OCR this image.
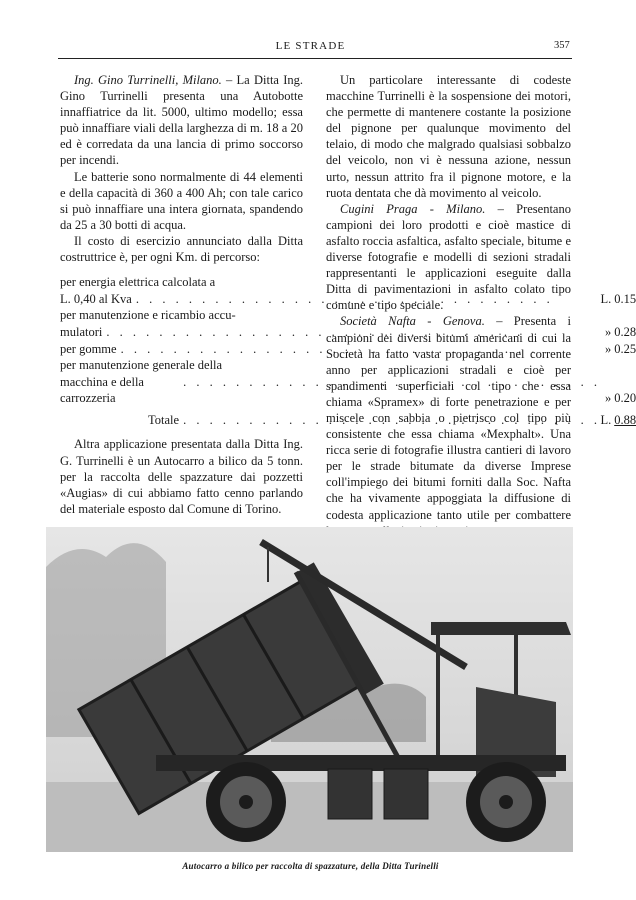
LE STRADE	357

Ing. Gino Turrinelli, Milano. – La Ditta Ing. Gino Turrinelli presenta una Autobotte innaffiatrice da lit. 5000, ultimo modello; essa può innaffiare viali della larghezza di m. 18 a 20 ed è corredata da una lancia di primo soccorso per incendi.

Le batterie sono normalmente di 44 elementi e della capacità di 360 a 400 Ah; con tale carico si può innaffiare una intera giornata, spandendo da 25 a 30 botti di acqua.

Il costo di esercizio annunciato dalla Ditta costruttrice è, per ogni Km. di percorso:

per energia elettrica calcolata a		

L. 0,40 al Kva
. . .	L.	0.15
per manutenzione e ricambio accu-		

mulatori
. . .	»	0.28

per gomme
. . .	»	0.25
per manutenzione generale della		

macchina e della carrozzeria
. . .	»	0.20

Totale
. . .	L.	0.88

Altra applicazione presentata dalla Ditta Ing. G. Turrinelli è un Autocarro a bilico da 5 tonn. per la raccolta delle spazzature dai pozzetti «Augias» di cui abbiamo fatto cenno parlando del materiale esposto dal Comune di Torino.

Un particolare interessante di codeste macchine Turrinelli è la sospensione dei motori, che permette di mantenere costante la posizione del pignone per qualunque movimento del telaio, di modo che malgrado qualsiasi sobbalzo del veicolo, non vi è nessuna azione, nessun urto, nessun attrito fra il pignone motore, e la ruota dentata che dà movimento al veicolo.

Cugini Praga - Milano. – Presentano campioni dei loro prodotti e cioè mastice di asfalto roccia asfaltica, asfalto speciale, bitume e diverse fotografie e modelli di sezioni stradali rappresentanti le applicazioni eseguite dalla Ditta di pavimentazioni in asfalto colato tipo comune e tipo speciale.

Società Nafta - Genova. – Presenta i campioni dei diversi bitumi americani di cui la Società ha fatto vasta propaganda nel corrente anno per applicazioni stradali e cioè per spandimenti superficiali col tipo che essa chiama «Spramex» di forte penetrazione e per miscele con sabbia o pietrisco col tipo più consistente che essa chiama «Mexphalt». Una ricca serie di fotografie illustra cantieri di lavoro per le strade bitumate da diverse Imprese coll'impiego dei bitumi forniti dalla Soc. Nafta che ha vivamente appoggiata la diffusione di codesta applicazione tanto utile per combattere

Autocarro a bilico per raccolta di spazzature, della Ditta Turinelli
